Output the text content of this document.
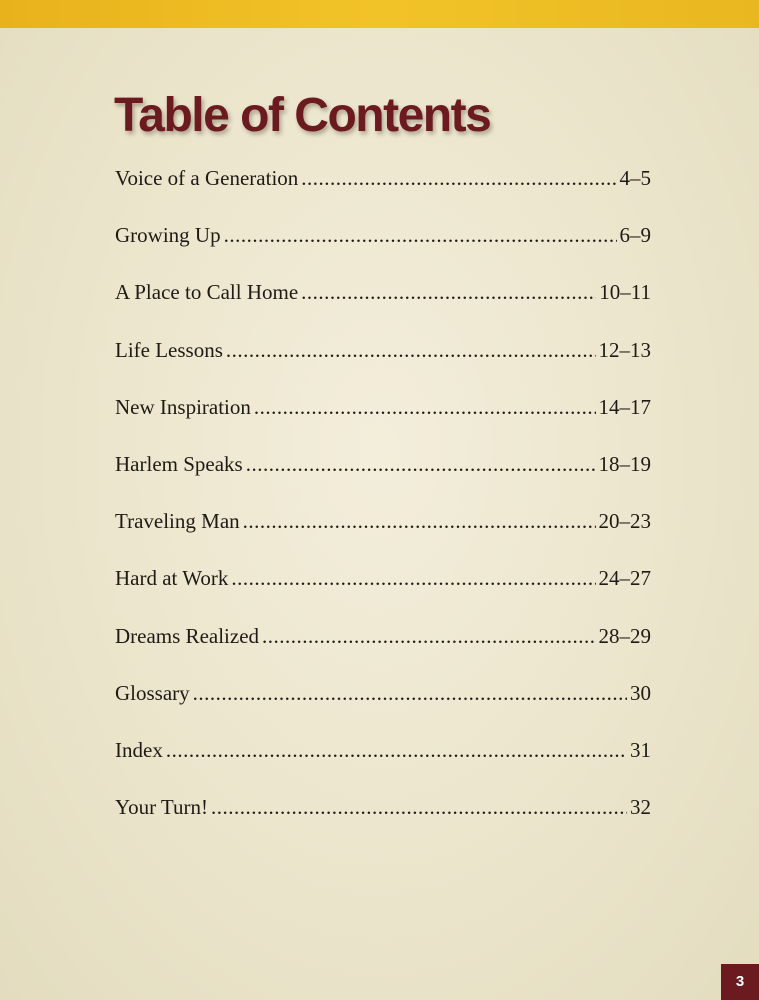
Table of Contents
Voice of a Generation .....	4–5
Growing Up .....	6–9
A Place to Call Home .....	10–11
Life Lessons .....	12–13
New Inspiration .....	14–17
Harlem Speaks .....	18–19
Traveling Man .....	20–23
Hard at Work .....	24–27
Dreams Realized .....	28–29
Glossary .....	30
Index .....	31
Your Turn! .....	32
3
